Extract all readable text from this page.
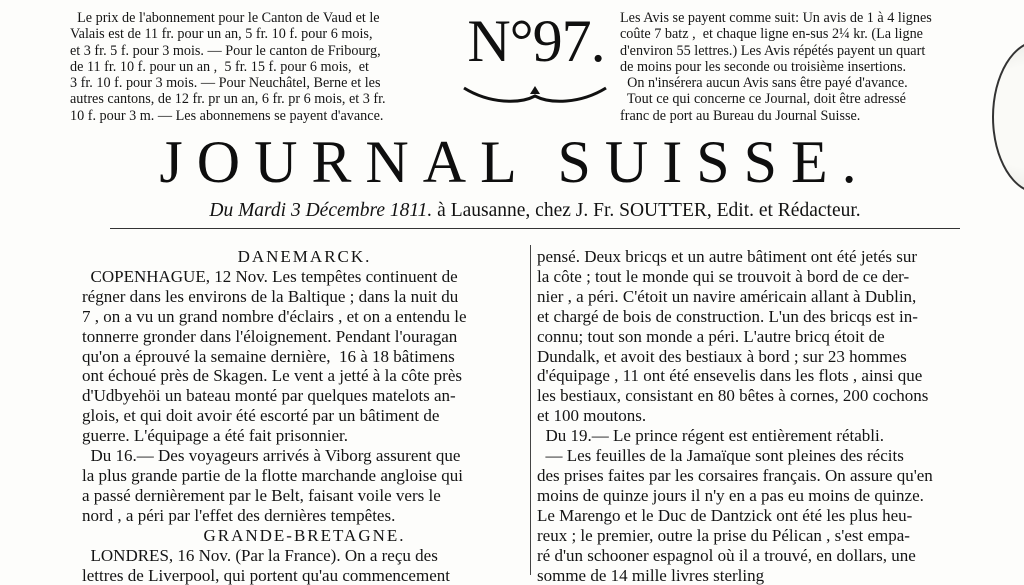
Le prix de l'abonnement pour le Canton de Vaud et le
Valais est de 11 fr. pour un an, 5 fr. 10 f. pour 6 mois,
et 3 fr. 5 f. pour 3 mois. — Pour le canton de Fribourg,
de 11 fr. 10 f. pour un an ,  5 fr. 15 f. pour 6 mois,  et
3 fr. 10 f. pour 3 mois. — Pour Neuchâtel, Berne et les
autres cantons, de 12 fr. pr un an, 6 fr. pr 6 mois, et 3 fr.
10 f. pour 3 m. — Les abonnemens se payent d'avance.
N°97. Les Avis se payent comme suit: Un avis de 1 à 4 lignes
coûte 7 batz ,  et chaque ligne en-sus 2¼ kr. (La ligne
d'environ 55 lettres.) Les Avis répétés payent un quart
de moins pour les seconde ou troisième insertions.
On n'insérera aucun Avis sans être payé d'avance.
Tout ce qui concerne ce Journal, doit être adressé
franc de port au Bureau du Journal Suisse.
JOURNAL SUISSE.
Du Mardi 3 Décembre 1811. à Lausanne, chez J. Fr. SOUTTER, Edit. et Rédacteur.
DANEMARCK.
COPENHAGUE, 12 Nov. Les tempêtes continuent de
régner dans les environs de la Baltique ; dans la nuit du
7 , on a vu un grand nombre d'éclairs , et on a entendu le
tonnerre gronder dans l'éloignement. Pendant l'ouragan
qu'on a éprouvé la semaine dernière,  16 à 18 bâtimens
ont échoué près de Skagen. Le vent a jetté à la côte près
d'Udbyehöi un bateau monté par quelques matelots an-
glois, et qui doit avoir été escorté par un bâtiment de
guerre. L'équipage a été fait prisonnier.
Du 16.— Des voyageurs arrivés à Viborg assurent que
la plus grande partie de la flotte marchande angloise qui
a passé dernièrement par le Belt, faisant voile vers le
nord , a péri par l'effet des dernières tempêtes.
GRANDE-BRETAGNE.
LONDRES, 16 Nov. (Par la France). On a reçu des
lettres de Liverpool, qui portent qu'au commencement
pensé. Deux bricqs et un autre bâtiment ont été jetés sur
la côte ; tout le monde qui se trouvoit à bord de ce der-
nier , a péri. C'étoit un navire américain allant à Dublin,
et chargé de bois de construction. L'un des bricqs est in-
connu; tout son monde a péri. L'autre bricq étoit de
Dundalk, et avoit des bestiaux à bord ; sur 23 hommes
d'équipage , 11 ont été ensevelis dans les flots , ainsi que
les bestiaux, consistant en 80 bêtes à cornes, 200 cochons
et 100 moutons.
Du 19.— Le prince régent est entièrement rétabli.
— Les feuilles de la Jamaïque sont pleines des récits
des prises faites par les corsaires français. On assure qu'en
moins de quinze jours il n'y en a pas eu moins de quinze.
Le Marengo et le Duc de Dantzick ont été les plus heu-
reux ; le premier, outre la prise du Pélican , s'est empa-
ré d'un schooner espagnol où il a trouvé, en dollars, une
somme de 14 mille livres sterling
